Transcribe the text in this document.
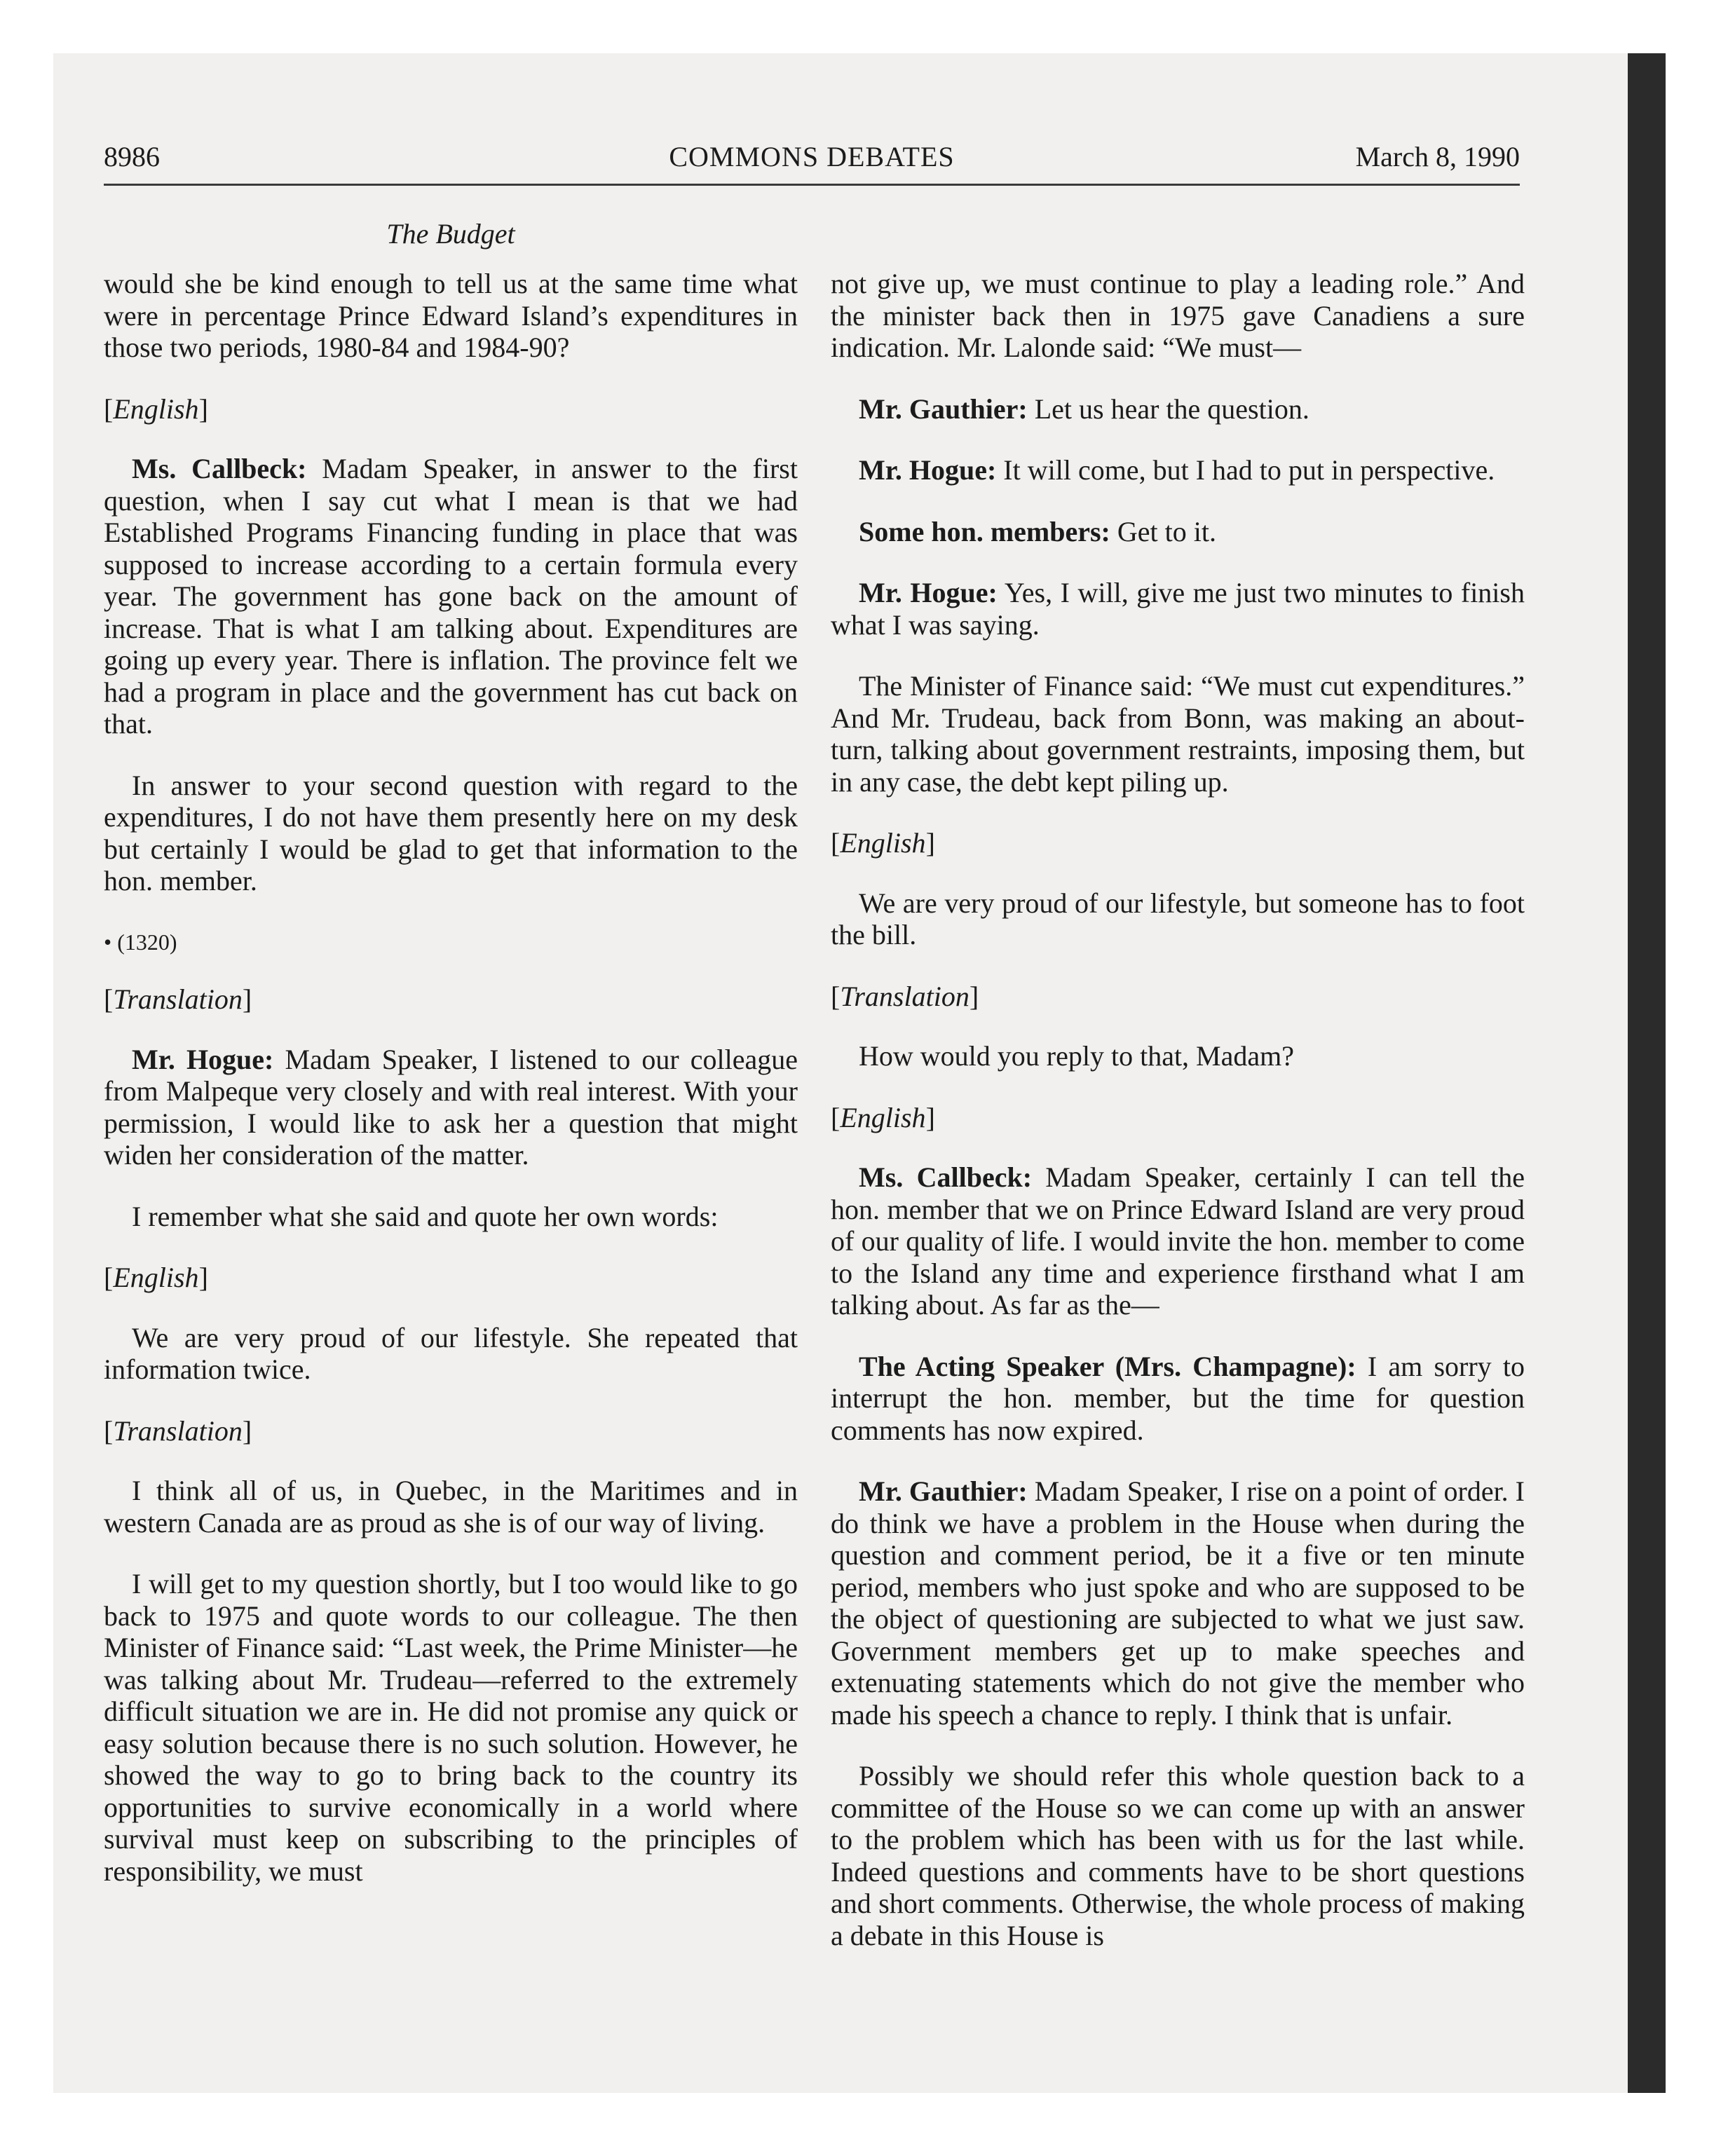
8986	COMMONS DEBATES	March 8, 1990
The Budget

would she be kind enough to tell us at the same time what were in percentage Prince Edward Island’s expenditures in those two periods, 1980-84 and 1984-90?

[English]

Ms. Callbeck: Madam Speaker, in answer to the first question, when I say cut what I mean is that we had Established Programs Financing funding in place that was supposed to increase according to a certain formula every year. The government has gone back on the amount of increase. That is what I am talking about. Expenditures are going up every year. There is inflation. The province felt we had a program in place and the government has cut back on that.

In answer to your second question with regard to the expenditures, I do not have them presently here on my desk but certainly I would be glad to get that information to the hon. member.

• (1320)

[Translation]

Mr. Hogue: Madam Speaker, I listened to our colleague from Malpeque very closely and with real interest. With your permission, I would like to ask her a question that might widen her consideration of the matter.

I remember what she said and quote her own words:

[English]

We are very proud of our lifestyle. She repeated that information twice.

[Translation]

I think all of us, in Quebec, in the Maritimes and in western Canada are as proud as she is of our way of living.

I will get to my question shortly, but I too would like to go back to 1975 and quote words to our colleague. The then Minister of Finance said: “Last week, the Prime Minister—he was talking about Mr. Trudeau—referred to the extremely difficult situation we are in. He did not promise any quick or easy solution because there is no such solution. However, he showed the way to go to bring back to the country its opportunities to survive economically in a world where survival must keep on subscribing to the principles of responsibility, we must

not give up, we must continue to play a leading role.” And the minister back then in 1975 gave Canadiens a sure indication. Mr. Lalonde said: “We must—

Mr. Gauthier: Let us hear the question.

Mr. Hogue: It will come, but I had to put in perspective.

Some hon. members: Get to it.

Mr. Hogue: Yes, I will, give me just two minutes to finish what I was saying.

The Minister of Finance said: “We must cut expenditures.” And Mr. Trudeau, back from Bonn, was making an about-turn, talking about government restraints, imposing them, but in any case, the debt kept piling up.

[English]

We are very proud of our lifestyle, but someone has to foot the bill.

[Translation]

How would you reply to that, Madam?

[English]

Ms. Callbeck: Madam Speaker, certainly I can tell the hon. member that we on Prince Edward Island are very proud of our quality of life. I would invite the hon. member to come to the Island any time and experience firsthand what I am talking about. As far as the—

The Acting Speaker (Mrs. Champagne): I am sorry to interrupt the hon. member, but the time for question comments has now expired.

Mr. Gauthier: Madam Speaker, I rise on a point of order. I do think we have a problem in the House when during the question and comment period, be it a five or ten minute period, members who just spoke and who are supposed to be the object of questioning are subjected to what we just saw. Government members get up to make speeches and extenuating statements which do not give the member who made his speech a chance to reply. I think that is unfair.

Possibly we should refer this whole question back to a committee of the House so we can come up with an answer to the problem which has been with us for the last while. Indeed questions and comments have to be short questions and short comments. Otherwise, the whole process of making a debate in this House is
